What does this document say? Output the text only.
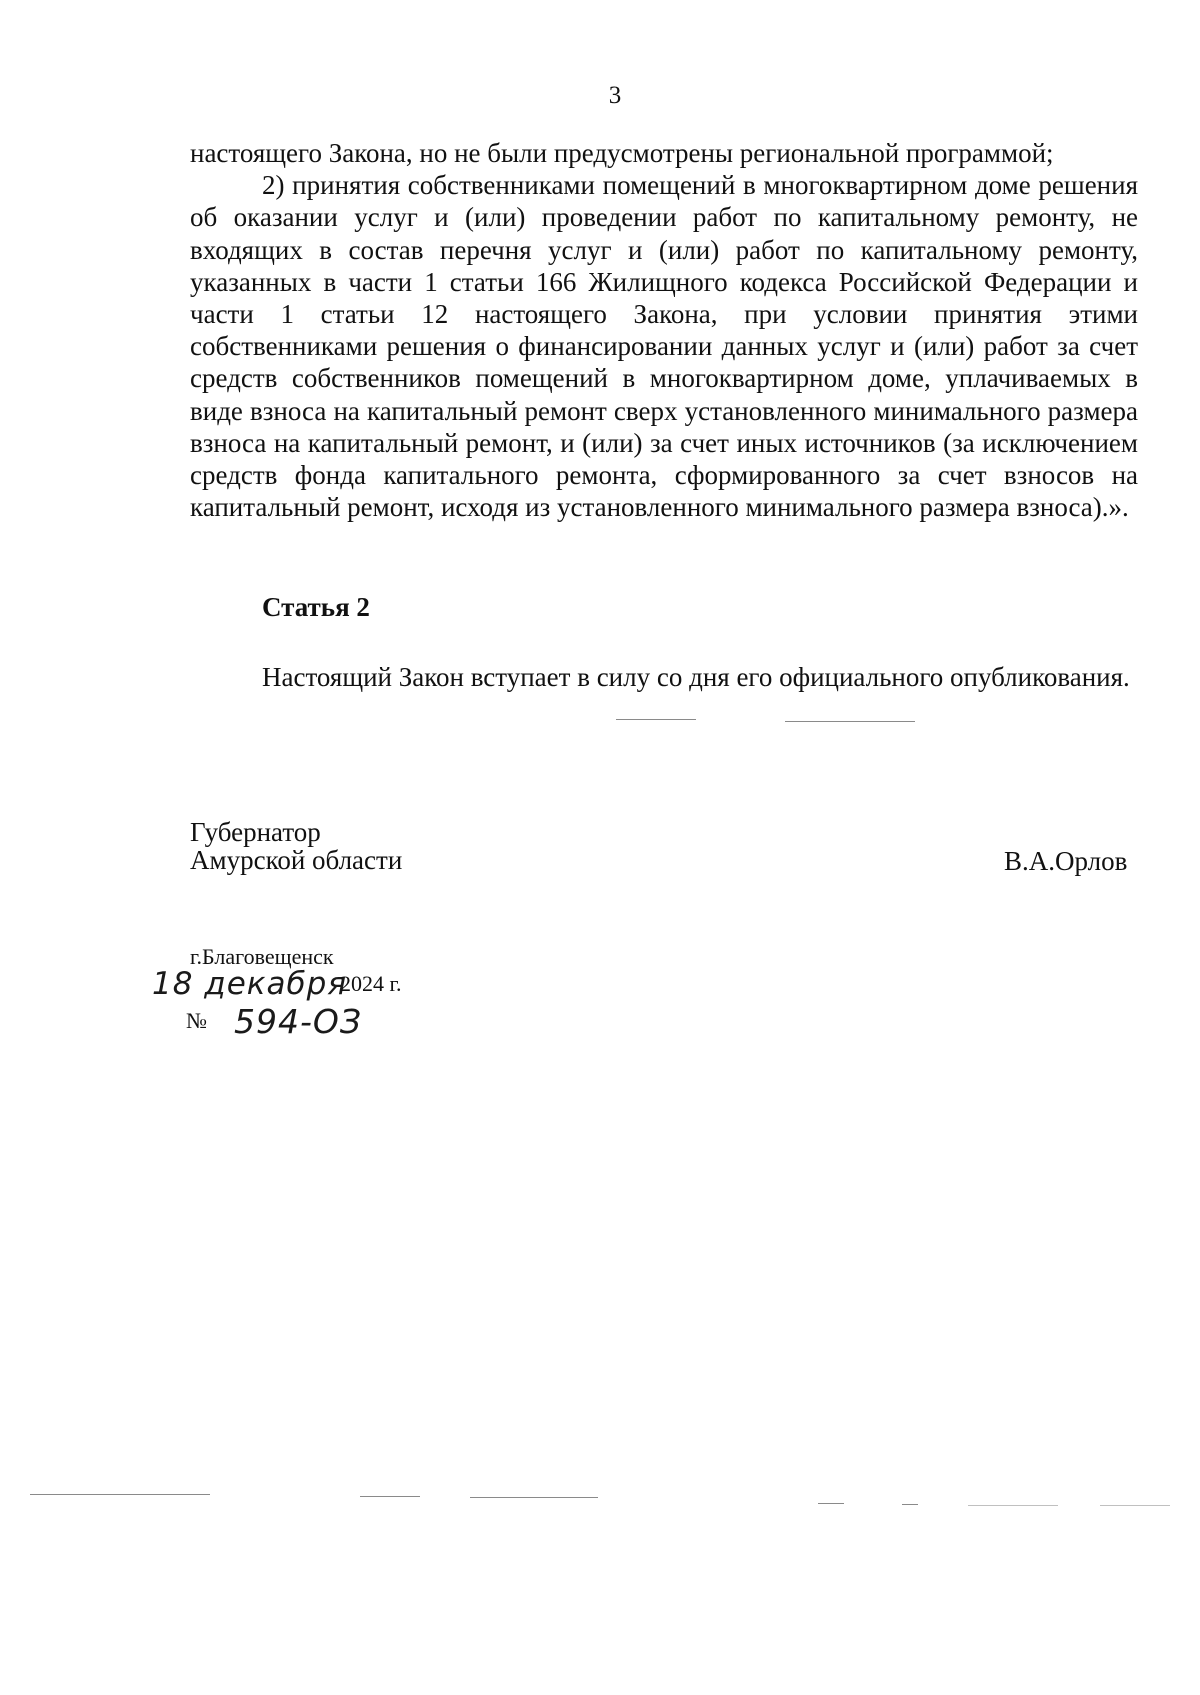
3

настоящего Закона, но не были предусмотрены региональной программой;

2) принятия собственниками помещений в многоквартирном доме решения об оказании услуг и (или) проведении работ по капитальному ремонту, не входящих в состав перечня услуг и (или) работ по капитальному ремонту, указанных в части 1 статьи 166 Жилищного кодекса Российской Федерации и части 1 статьи 12 настоящего Закона, при условии принятия этими собственниками решения о финансировании данных услуг и (или) работ за счет средств собственников помещений в многоквартирном доме, уплачиваемых в виде взноса на капитальный ремонт сверх установленного минимального размера взноса на капитальный ремонт, и (или) за счет иных источников (за исключением средств фонда капитального ремонта, сформированного за счет взносов на капитальный ремонт, исходя из установленного минимального размера взноса).».

Статья 2

Настоящий Закон вступает в силу со дня его официального опубликования.

Губернатор
Амурской области	В.А.Орлов
г.Благовещенск
18 декабря
2024 г.
№ 594-ОЗ
